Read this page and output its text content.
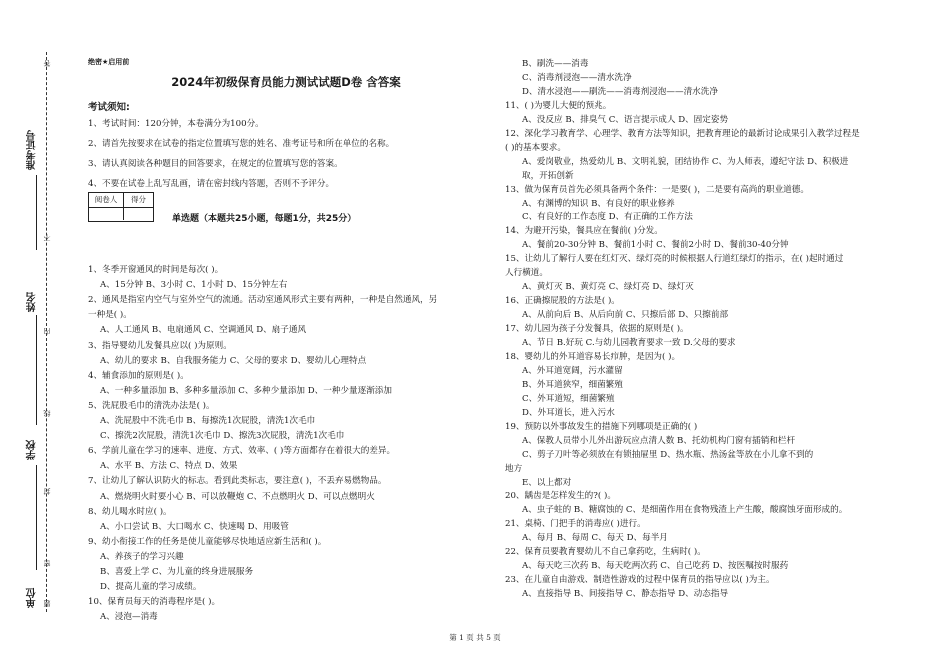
准考证号
姓名
学校
单位
答
不
内
线
封
密
题
绝密★启用前
2024年初级保育员能力测试试题D卷 含答案
考试须知:
1、考试时间：120分钟，本卷满分为100分。
2、请首先按要求在试卷的指定位置填写您的姓名、准考证号和所在单位的名称。
3、请认真阅读各种题目的回答要求，在规定的位置填写您的答案。
4、不要在试卷上乱写乱画，请在密封线内答题，否则不予评分。
阅卷人	得分
单选题（本题共25小题，每题1分，共25分）
1、冬季开窗通风的时间是每次( )。
A、15分钟 B、3小时 C、1小时 D、15分钟左右
2、通风是指室内空气与室外空气的流通。活动室通风形式主要有两种，一种是自然通风，另
一种是( )。
A、人工通风 B、电扇通风 C、空调通风 D、扇子通风
3、指导婴幼儿发餐具应以( )为原则。
A、幼儿的要求 B、自我服务能力 C、父母的要求 D、婴幼儿心理特点
4、辅食添加的原则是( )。
A、一种多量添加 B、多种多量添加 C、多种少量添加 D、一种少量逐渐添加
5、洗屁股毛巾的清洗办法是( )。
A、洗屁股中不洗毛巾 B、每擦洗1次屁股，清洗1次毛巾
C、擦洗2次屁股，清洗1次毛巾 D、擦洗3次屁股，清洗1次毛巾
6、学前儿童在学习的速率、进度、方式、效率、( )等方面都存在着很大的差异。
A、水平 B、方法 C、特点 D、效果
7、让幼儿了解认识防火的标志。看到此类标志，要注意( )，不丢弃易燃物品。
A、燃烧明火时要小心 B、可以放鞭炮 C、不点燃明火 D、可以点燃明火
8、幼儿喝水时应( )。
A、小口尝试 B、大口喝水 C、快速喝 D、用吸管
9、幼小衔接工作的任务是使儿童能够尽快地适应新生活和( )。
A、养孩子的学习兴趣
B、喜爱上学 C、为儿童的终身进展服务
D、提高儿童的学习成绩。
10、保育员每天的消毒程序是( )。
A、浸泡—消毒
B、刷洗——消毒
C、消毒剂浸泡——清水洗净
D、清水浸泡——刷洗——消毒剂浸泡——清水洗净
11、( )为婴儿大便的预兆。
A、没反应 B、排臭气 C、语言提示成人 D、固定姿势
12、深化学习教育学、心理学、教育方法等知识，把教育理论的最新讨论成果引入教学过程是
( )的基本要求。
A、爱岗敬业，热爱幼儿 B、文明礼貌，团结协作 C、为人师表，遵纪守法 D、积极进
取，开拓创新
13、做为保育员首先必须具备两个条件：一是要( )，二是要有高尚的职业道德。
A、有渊博的知识 B、有良好的职业修养
C、有良好的工作态度 D、有正确的工作方法
14、为避开污染，餐具应在餐前( )分发。
A、餐前20-30分钟 B、餐前1小时 C、餐前2小时 D、餐前30-40分钟
15、让幼儿了解行人要在红灯灭、绿灯亮的时候根据人行道红绿灯的指示，在( )起时通过
人行横道。
A、黄灯灭 B、黄灯亮 C、绿灯亮 D、绿灯灭
16、正确擦屁股的方法是( )。
A、从前向后 B、从后向前 C、只擦后部 D、只擦前部
17、幼儿园为孩子分发餐具，依据的原则是( )。
A、节日 B.好玩 C.与幼儿园教育要求一致 D.父母的要求
18、婴幼儿的外耳道容易长疖肿，是因为( )。
A、外耳道宽阔，污水灌留
B、外耳道狭窄，细菌繁殖
C、外耳道短，细菌繁殖
D、外耳道长，进入污水
19、预防以外事故发生的措施下列哪项是正确的( )
A、保教人员带小儿外出游玩应点清人数 B、托幼机构门窗有插销和栏杆
C、剪子刀叶等必须放在有锁抽屉里 D、热水瓶、热汤盆等放在小儿拿不到的
地方
E、以上都对
20、龋齿是怎样发生的?( )。
A、虫子蛀的 B、糖腐蚀的 C、是细菌作用在食物残渣上产生酸，酸腐蚀牙面形成的。
21、桌椅、门把手的消毒应( )进行。
A、每月 B、每周 C、每天 D、每半月
22、保育员要教育婴幼儿不自己拿药吃，生病时( )。
A、每天吃三次药 B、每天吃两次药 C、自己吃药 D、按医嘱按时服药
23、在儿童自由游戏、制造性游戏的过程中保育员的指导应以( )为主。
A、直接指导 B、间接指导 C、静态指导 D、动态指导
第 1 页 共 5 页
